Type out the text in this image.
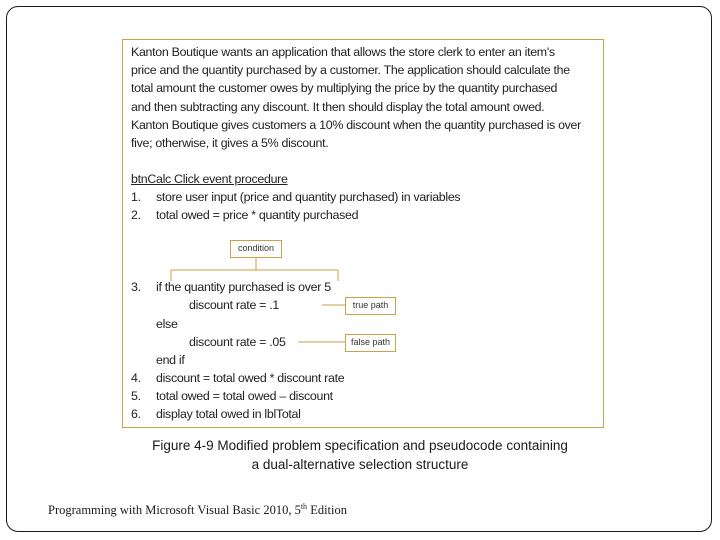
Kanton Boutique wants an application that allows the store clerk to enter an item's

price and the quantity purchased by a customer. The application should calculate the

total amount the customer owes by multiplying the price by the quantity purchased

and then subtracting any discount. It then should display the total amount owed.

Kanton Boutique gives customers a 10% discount when the quantity purchased is over

five; otherwise, it gives a 5% discount.

btnCalc Click event procedure
1. store user input (price and quantity purchased) in variables
2. total owed = price * quantity purchased
condition
3. if the quantity purchased is over 5
discount rate = .1	true path
else
discount rate = .05	false path
end if
4. discount = total owed * discount rate
5. total owed = total owed – discount
6. display total owed in lblTotal
Figure 4-9 Modified problem specification and pseudocode containing
a dual-alternative selection structure
Programming with Microsoft Visual Basic 2010, 5th Edition
